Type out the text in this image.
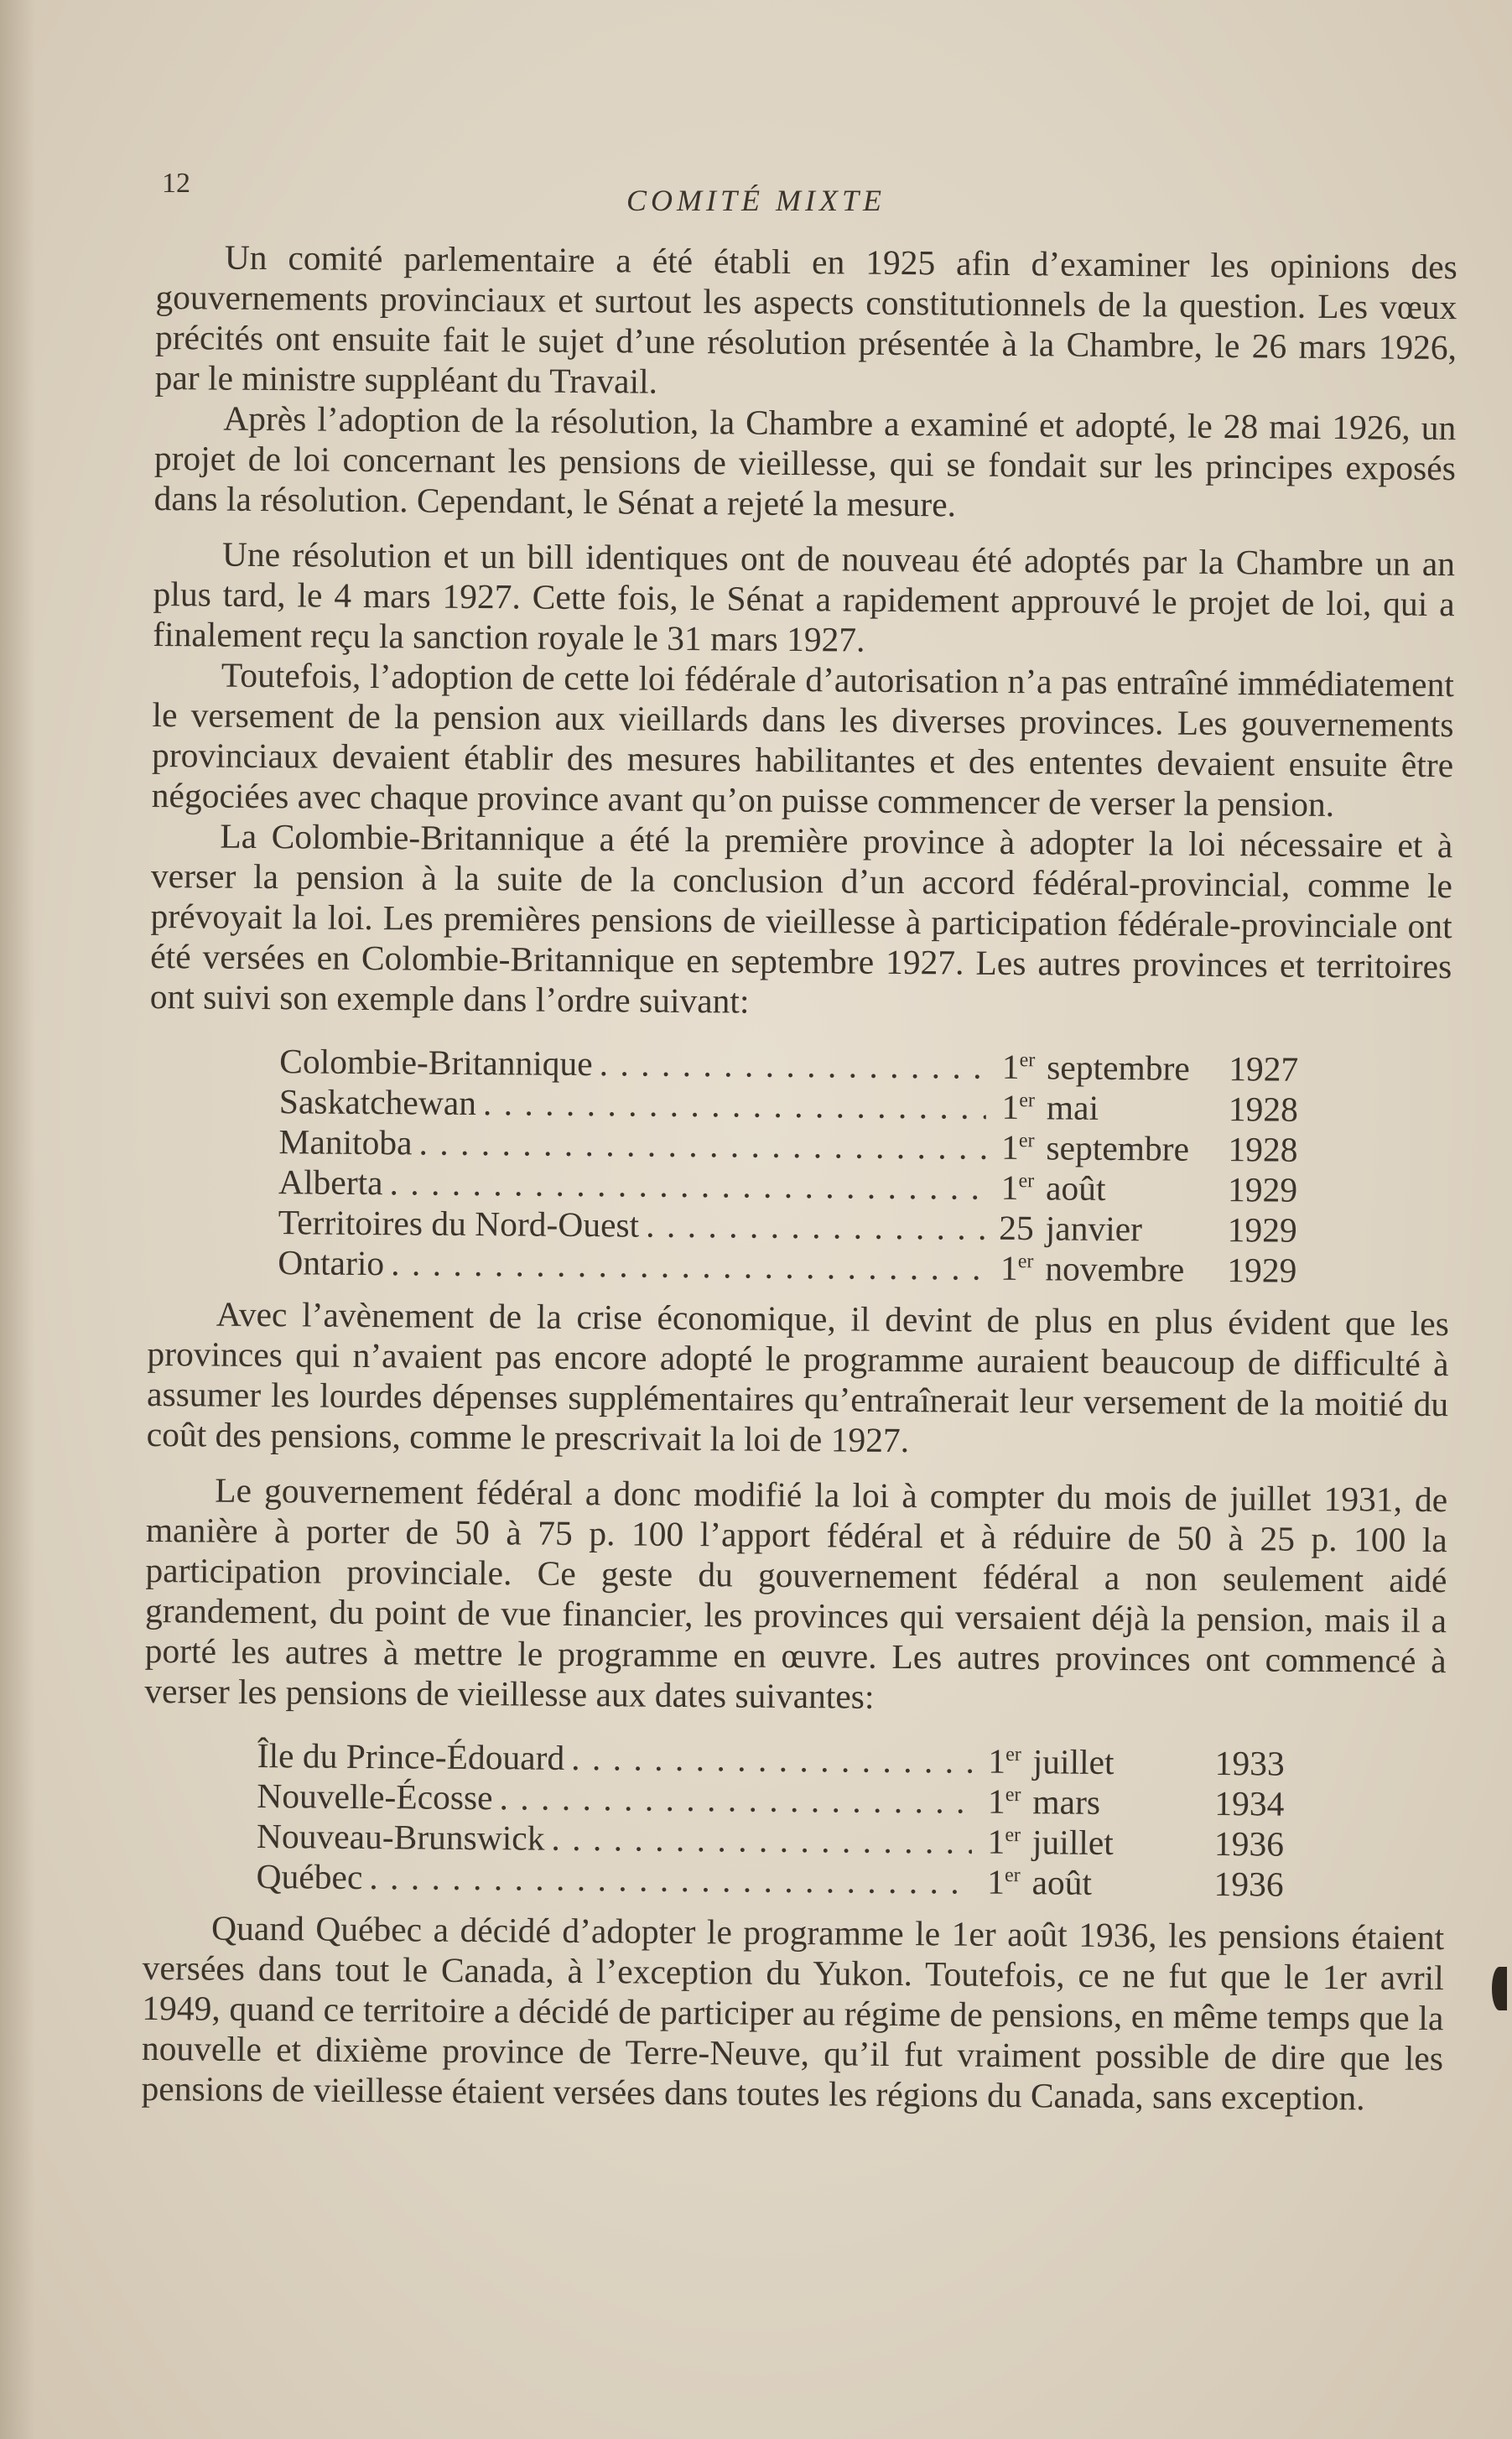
12
COMITÉ MIXTE

Un comité parlementaire a été établi en 1925 afin d’examiner les opinions des gouvernements provinciaux et surtout les aspects constitutionnels de la question. Les vœux précités ont ensuite fait le sujet d’une résolution présentée à la Chambre, le 26 mars 1926, par le ministre suppléant du Travail.

Après l’adoption de la résolution, la Chambre a examiné et adopté, le 28 mai 1926, un projet de loi concernant les pensions de vieillesse, qui se fondait sur les principes exposés dans la résolution. Cependant, le Sénat a rejeté la mesure.

Une résolution et un bill identiques ont de nouveau été adoptés par la Chambre un an plus tard, le 4 mars 1927. Cette fois, le Sénat a rapidement approuvé le projet de loi, qui a finalement reçu la sanction royale le 31 mars 1927.

Toutefois, l’adoption de cette loi fédérale d’autorisation n’a pas entraîné immédiatement le versement de la pension aux vieillards dans les diverses provinces. Les gouvernements provinciaux devaient établir des mesures habilitantes et des ententes devaient ensuite être négociées avec chaque province avant qu’on puisse commencer de verser la pension.

La Colombie-Britannique a été la première province à adopter la loi nécessaire et à verser la pension à la suite de la conclusion d’un accord fédéral-provincial, comme le prévoyait la loi. Les premières pensions de vieillesse à participation fédérale-provinciale ont été versées en Colombie-Britannique en septembre 1927. Les autres provinces et territoires ont suivi son exemple dans l’ordre suivant:

Colombie-Britannique . . .	1er septembre	1927
Saskatchewan . . .	1er mai	1928
Manitoba . . .	1er septembre	1928
Alberta . . .	1er août	1929
Territoires du Nord-Ouest . . .	25 janvier	1929
Ontario . . .	1er novembre	1929

Avec l’avènement de la crise économique, il devint de plus en plus évident que les provinces qui n’avaient pas encore adopté le programme auraient beaucoup de difficulté à assumer les lourdes dépenses supplémentaires qu’entraînerait leur versement de la moitié du coût des pensions, comme le prescrivait la loi de 1927.

Le gouvernement fédéral a donc modifié la loi à compter du mois de juillet 1931, de manière à porter de 50 à 75 p. 100 l’apport fédéral et à réduire de 50 à 25 p. 100 la participation provinciale. Ce geste du gouvernement fédéral a non seulement aidé grandement, du point de vue financier, les provinces qui versaient déjà la pension, mais il a porté les autres à mettre le programme en œuvre. Les autres provinces ont commencé à verser les pensions de vieillesse aux dates suivantes:

Île du Prince-Édouard . . .	1er juillet	1933
Nouvelle-Écosse . . .	1er mars	1934
Nouveau-Brunswick . . .	1er juillet	1936
Québec . . .	1er août	1936

Quand Québec a décidé d’adopter le programme le 1er août 1936, les pensions étaient versées dans tout le Canada, à l’exception du Yukon. Toutefois, ce ne fut que le 1er avril 1949, quand ce territoire a décidé de participer au régime de pensions, en même temps que la nouvelle et dixième province de Terre-Neuve, qu’il fut vraiment possible de dire que les pensions de vieillesse étaient versées dans toutes les régions du Canada, sans exception.
